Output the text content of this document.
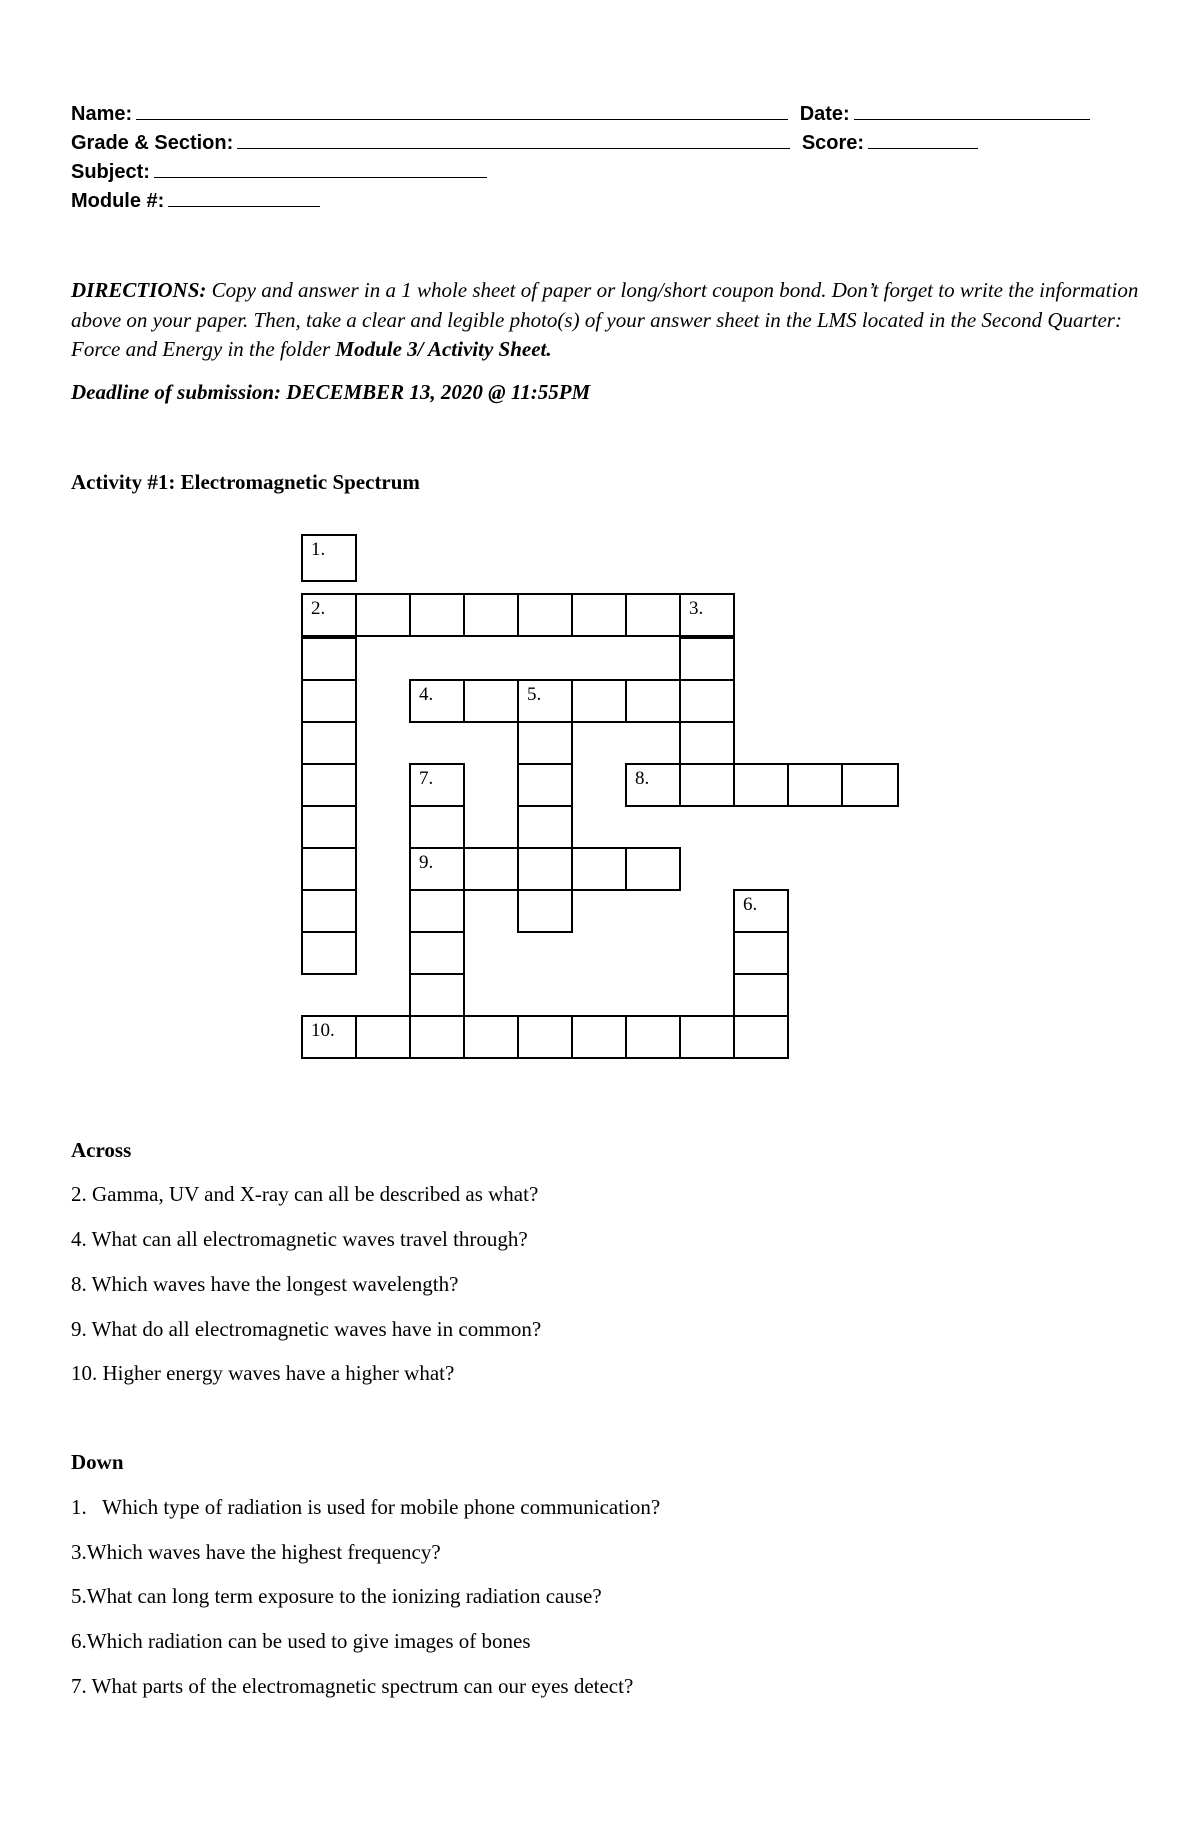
Name:	Date:
Grade & Section:	Score:
Subject:
Module #:
DIRECTIONS: Copy and answer in a 1 whole sheet of paper or long/short coupon bond. Don’t forget to write the information above on your paper. Then, take a clear and legible photo(s) of your answer sheet in the LMS located in the Second Quarter: Force and Energy in the folder Module 3/ Activity Sheet.
Deadline of submission: DECEMBER 13, 2020 @ 11:55PM
Activity #1: Electromagnetic Spectrum
1.
2.
10.
3.
4.	5.
7.
9.
8.
6.
Across
2. Gamma, UV and X-ray can all be described as what?
4. What can all electromagnetic waves travel through?
8. Which waves have the longest wavelength?
9. What do all electromagnetic waves have in common?
10. Higher energy waves have a higher what?
Down
1.   Which type of radiation is used for mobile phone communication?
3.Which waves have the highest frequency?
5.What can long term exposure to the ionizing radiation cause?
6.Which radiation can be used to give images of bones
7. What parts of the electromagnetic spectrum can our eyes detect?
